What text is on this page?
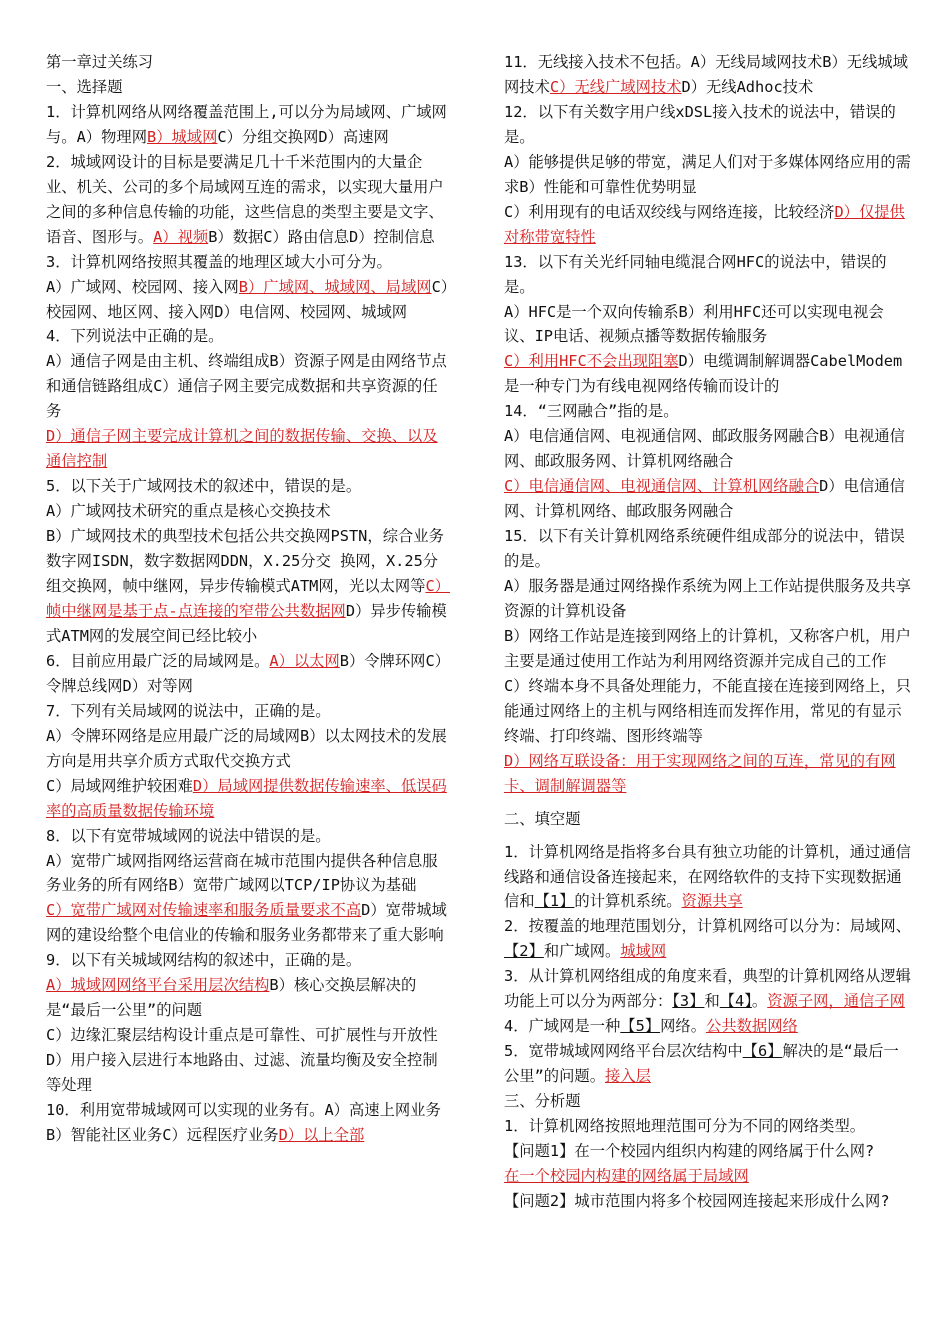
第一章过关练习
一、选择题
1．计算机网络从网络覆盖范围上,可以分为局域网、广域网与。A）物理网B）城域网C）分组交换网D）高速网
2．城域网设计的目标是要满足几十千米范围内的大量企业、机关、公司的多个局域网互连的需求，以实现大量用户之间的多种信息传输的功能，这些信息的类型主要是文字、语音、图形与。A）视频B）数据C）路由信息D）控制信息
3．计算机网络按照其覆盖的地理区域大小可分为。
A）广域网、校园网、接入网B）广域网、城域网、局域网C）校园网、地区网、接入网D）电信网、校园网、城域网
4．下列说法中正确的是。
A）通信子网是由主机、终端组成B）资源子网是由网络节点和通信链路组成C）通信子网主要完成数据和共享资源的任务
D）通信子网主要完成计算机之间的数据传输、交换、以及通信控制
5．以下关于广域网技术的叙述中，错误的是。
A）广域网技术研究的重点是核心交换技术
B）广域网技术的典型技术包括公共交换网PSTN，综合业务数字网ISDN，数字数据网DDN，X.25分交 换网，X.25分组交换网，帧中继网，异步传输模式ATM网，光以太网等C）帧中继网是基于点-点连接的窄带公共数据网D）异步传输模式ATM网的发展空间已经比较小
6．目前应用最广泛的局域网是。A）以太网B）令牌环网C）令牌总线网D）对等网
7．下列有关局域网的说法中，正确的是。
A）令牌环网络是应用最广泛的局域网B）以太网技术的发展方向是用共享介质方式取代交换方式
C）局域网维护较困难D）局域网提供数据传输速率、低误码率的高质量数据传输环境
8．以下有宽带城域网的说法中错误的是。
A）宽带广域网指网络运营商在城市范围内提供各种信息服务业务的所有网络B）宽带广域网以TCP/IP协议为基础
C）宽带广域网对传输速率和服务质量要求不高D）宽带城域网的建设给整个电信业的传输和服务业务都带来了重大影响
9．以下有关城域网结构的叙述中，正确的是。
A）城域网网络平台采用层次结构B）核心交换层解决的是“最后一公里”的问题
C）边缘汇聚层结构设计重点是可靠性、可扩展性与开放性D）用户接入层进行本地路由、过滤、流量均衡及安全控制等处理
10．利用宽带城域网可以实现的业务有。A）高速上网业务B）智能社区业务C）远程医疗业务D）以上全部
11．无线接入技术不包括。A）无线局域网技术B）无线城域网技术C）无线广域网技术D）无线Adhoc技术
12．以下有关数字用户线xDSL接入技术的说法中，错误的是。
A）能够提供足够的带宽，满足人们对于多媒体网络应用的需求B）性能和可靠性优势明显
C）利用现有的电话双绞线与网络连接，比较经济D）仅提供对称带宽特性
13．以下有关光纤同轴电缆混合网HFC的说法中，错误的是。
A）HFC是一个双向传输系B）利用HFC还可以实现电视会议、IP电话、视频点播等数据传输服务
C）利用HFC不会出现阻塞D）电缆调制解调器CabelModem是一种专门为有线电视网络传输而设计的
14．“三网融合”指的是。
A）电信通信网、电视通信网、邮政服务网融合B）电视通信网、邮政服务网、计算机网络融合
C）电信通信网、电视通信网、计算机网络融合D）电信通信网、计算机网络、邮政服务网融合
15．以下有关计算机网络系统硬件组成部分的说法中，错误的是。
A）服务器是通过网络操作系统为网上工作站提供服务及共享资源的计算机设备
B）网络工作站是连接到网络上的计算机，又称客户机，用户主要是通过使用工作站为利用网络资源并完成自己的工作
C）终端本身不具备处理能力，不能直接在连接到网络上，只能通过网络上的主机与网络相连而发挥作用，常见的有显示终端、打印终端、图形终端等
D）网络互联设备：用于实现网络之间的互连，常见的有网卡、调制解调器等
二、填空题
1．计算机网络是指将多台具有独立功能的计算机，通过通信线路和通信设备连接起来，在网络软件的支持下实现数据通信和【1】的计算机系统。资源共享
2．按覆盖的地理范围划分，计算机网络可以分为：局域网、【2】和广域网。城域网
3．从计算机网络组成的角度来看，典型的计算机网络从逻辑功能上可以分为两部分：【3】和【4】。资源子网，通信子网
4．广域网是一种【5】网络。公共数据网络
5．宽带城域网网络平台层次结构中【6】解决的是“最后一公里”的问题。接入层
三、分析题
1．计算机网络按照地理范围可分为不同的网络类型。
【问题1】在一个校园内组织内构建的网络属于什么网?
在一个校园内构建的网络属于局域网
【问题2】城市范围内将多个校园网连接起来形成什么网?
